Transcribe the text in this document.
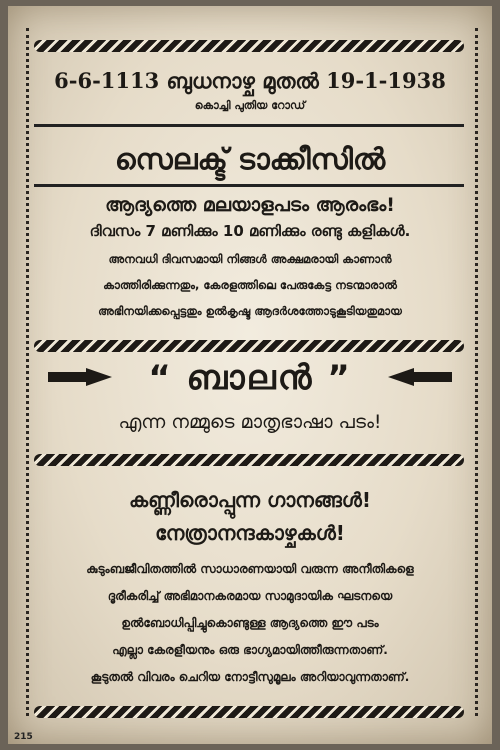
6-6-1113 ബുധനാഴ്ച മുതൽ 19-1-1938
കൊച്ചി പുതിയ റോഡ്
സെലക്ട് ടാക്കീസിൽ
ആദ്യത്തെ മലയാളപടം ആരംഭം!
ദിവസം 7 മണിക്കും 10 മണിക്കും രണ്ടു കളികൾ.
അനവധി ദിവസമായി നിങ്ങൾ അക്ഷമരായി കാണാൻ
കാത്തിരിക്കുന്നതും, കേരളത്തിലെ പേരുകേട്ട നടന്മാരാൽ
അഭിനയിക്കപ്പെട്ടതും ഉൽകൃഷ്ട ആദർശത്തോടുകൂടിയതുമായ
“ ബാലൻ ”
എന്ന നമ്മുടെ മാതൃഭാഷാ പടം!
കണ്ണീരൊപ്പുന്ന ഗാനങ്ങൾ!
നേത്രാനന്ദകാഴ്ചകൾ!
കുടുംബജീവിതത്തിൽ സാധാരണയായി വരുന്ന അനീതികളെ
ദൂരീകരിച്ച് അഭിമാനകരമായ സാമുദായിക ഘടനയെ
ഉൽബോധിപ്പിച്ചുകൊണ്ടുള്ള ആദ്യത്തെ ഈ പടം
എല്ലാ കേരളീയനും ഒരു ഭാഗ്യമായിത്തീരുന്നതാണ്.
കൂടുതൽ വിവരം ചെറിയ നോട്ടീസുമൂലം അറിയാവുന്നതാണ്.
215
